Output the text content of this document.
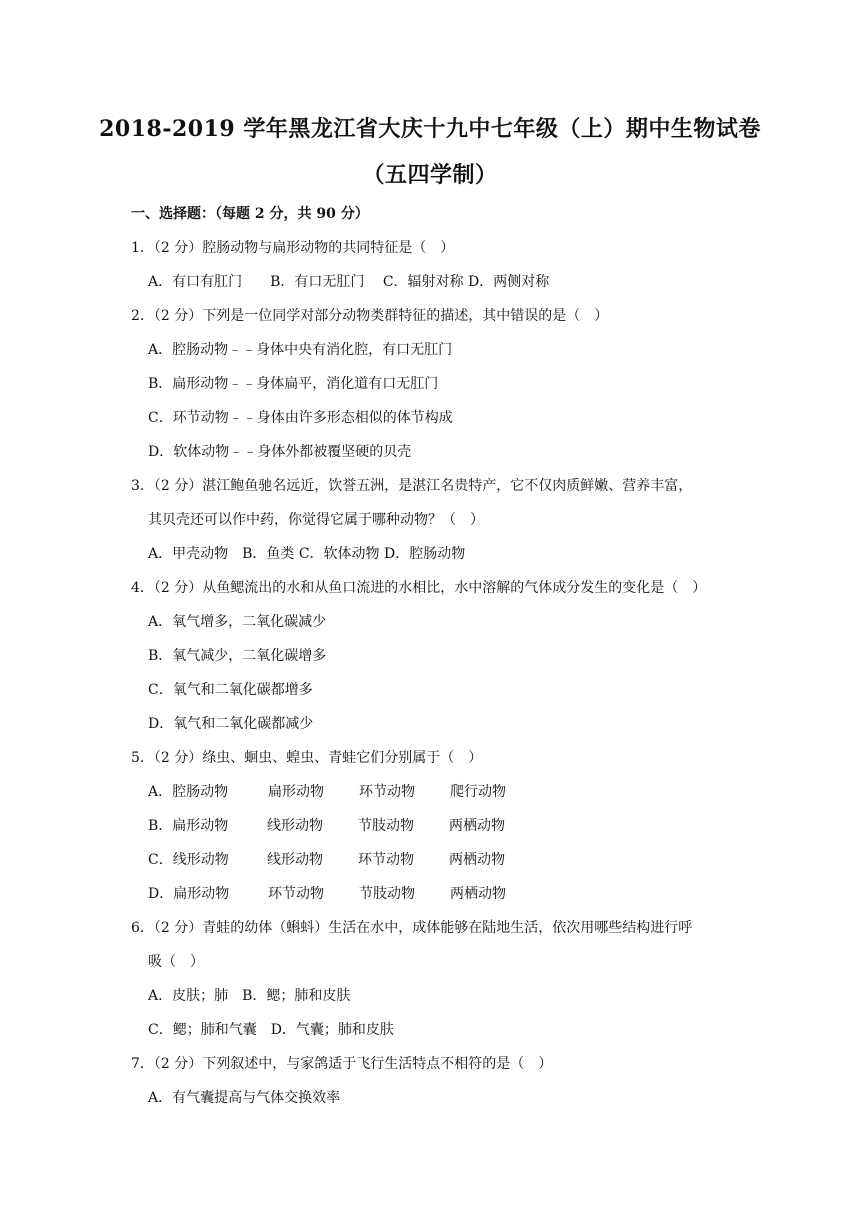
2018-2019 学年黑龙江省大庆十九中七年级（上）期中生物试卷
（五四学制）
一、选择题：（每题 2 分，共 90 分）
1．（2 分）腔肠动物与扁形动物的共同特征是（　）
A．有口有肛门　　B．有口无肛门　 C．辐射对称 D．两侧对称
2．（2 分）下列是一位同学对部分动物类群特征的描述，其中错误的是（　）
A．腔肠动物﹣﹣身体中央有消化腔，有口无肛门
B．扁形动物﹣﹣身体扁平，消化道有口无肛门
C．环节动物﹣﹣身体由许多形态相似的体节构成
D．软体动物﹣﹣身体外都被覆坚硬的贝壳
3．（2 分）湛江鲍鱼驰名远近，饮誉五洲，是湛江名贵特产，它不仅肉质鲜嫩、营养丰富，
其贝壳还可以作中药，你觉得它属于哪种动物？（　）
A．甲壳动物　B．鱼类 C．软体动物 D．腔肠动物
4．（2 分）从鱼鳃流出的水和从鱼口流进的水相比，水中溶解的气体成分发生的变化是（　）
A．氧气增多，二氧化碳减少
B．氧气减少，二氧化碳增多
C．氧气和二氧化碳都增多
D．氧气和二氧化碳都减少
5．（2 分）绦虫、蛔虫、蝗虫、青蛙它们分别属于（　）
A．腔肠动物	扁形动物	环节动物	爬行动物
B．扁形动物	线形动物	节肢动物	两栖动物
C．线形动物	线形动物	环节动物	两栖动物
D．扁形动物	环节动物	节肢动物	两栖动物
6．（2 分）青蛙的幼体（蝌蚪）生活在水中，成体能够在陆地生活，依次用哪些结构进行呼
吸（　）
A．皮肤；肺　B．鳃；肺和皮肤
C．鳃；肺和气囊　D．气囊；肺和皮肤
7．（2 分）下列叙述中，与家鸽适于飞行生活特点不相符的是（　）
A．有气囊提高与气体交换效率
